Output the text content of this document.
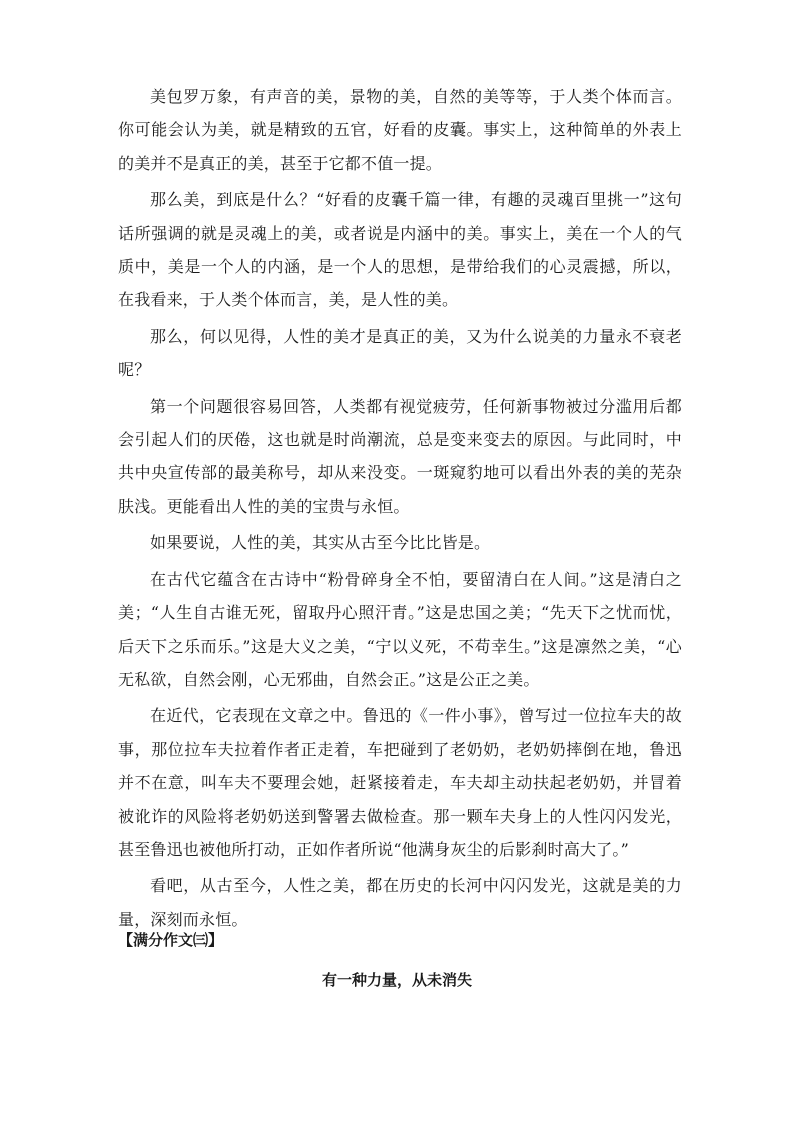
美包罗万象，有声音的美，景物的美，自然的美等等，于人类个体而言。你可能会认为美，就是精致的五官，好看的皮囊。事实上，这种简单的外表上的美并不是真正的美，甚至于它都不值一提。

那么美，到底是什么？“好看的皮囊千篇一律，有趣的灵魂百里挑一”这句话所强调的就是灵魂上的美，或者说是内涵中的美。事实上，美在一个人的气质中，美是一个人的内涵，是一个人的思想，是带给我们的心灵震撼，所以，在我看来，于人类个体而言，美，是人性的美。

那么，何以见得，人性的美才是真正的美，又为什么说美的力量永不衰老呢？

第一个问题很容易回答，人类都有视觉疲劳，任何新事物被过分滥用后都会引起人们的厌倦，这也就是时尚潮流，总是变来变去的原因。与此同时，中共中央宣传部的最美称号，却从来没变。一斑窥豹地可以看出外表的美的芜杂肤浅。更能看出人性的美的宝贵与永恒。

如果要说，人性的美，其实从古至今比比皆是。

在古代它蕴含在古诗中“粉骨碎身全不怕，要留清白在人间。”这是清白之美；“人生自古谁无死，留取丹心照汗青。”这是忠国之美；“先天下之忧而忧，后天下之乐而乐。”这是大义之美，“宁以义死，不苟幸生。”这是凛然之美，“心无私欲，自然会刚，心无邪曲，自然会正。”这是公正之美。

在近代，它表现在文章之中。鲁迅的《一件小事》，曾写过一位拉车夫的故事，那位拉车夫拉着作者正走着，车把碰到了老奶奶，老奶奶摔倒在地，鲁迅并不在意，叫车夫不要理会她，赶紧接着走，车夫却主动扶起老奶奶，并冒着被讹诈的风险将老奶奶送到警署去做检查。那一颗车夫身上的人性闪闪发光，甚至鲁迅也被他所打动，正如作者所说“他满身灰尘的后影刹时高大了。”

看吧，从古至今，人性之美，都在历史的长河中闪闪发光，这就是美的力量，深刻而永恒。

【满分作文㈢】

有一种力量，从未消失
